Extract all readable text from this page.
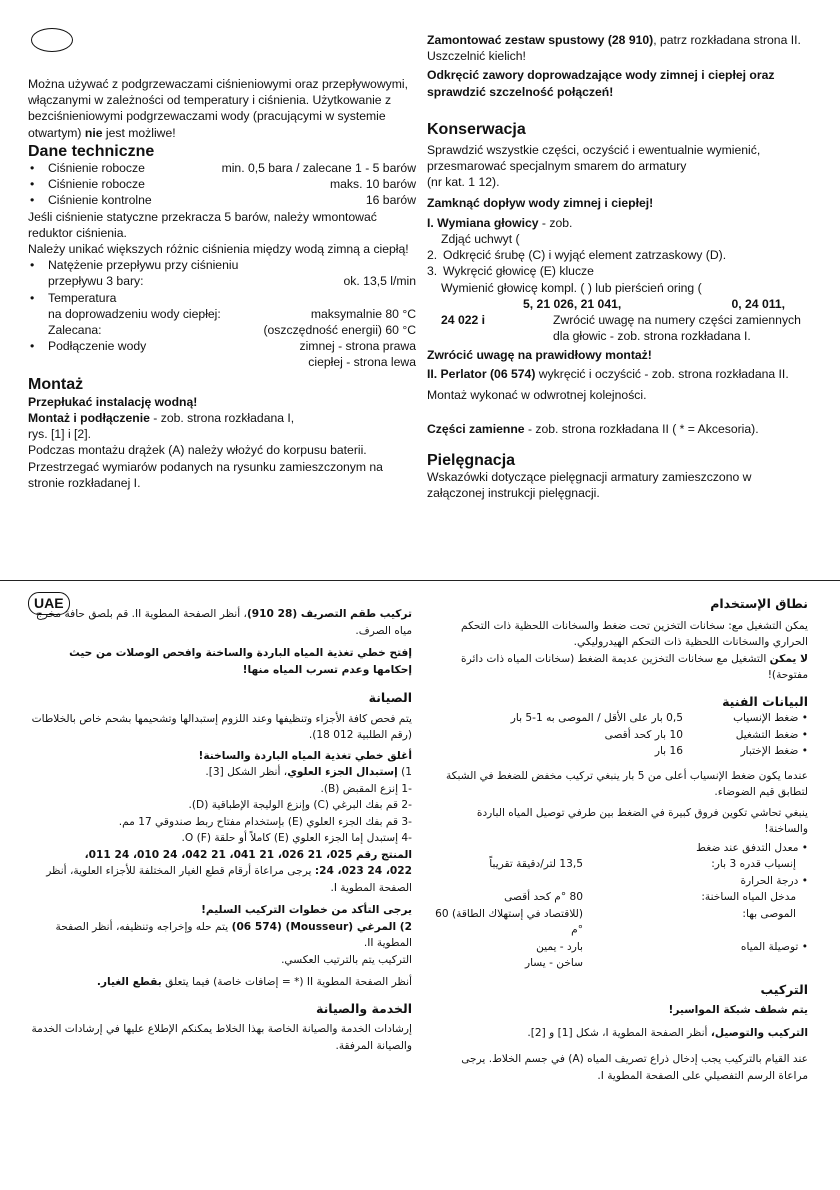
Można używać z podgrzewaczami ciśnieniowymi oraz przepływowymi, włączanymi w zależności od temperatury i ciśnienia. Użytkowanie z bezciśnieniowymi podgrzewaczami wody (pracującymi w systemie otwartym) nie jest możliwe!

Dane techniczne
•	Ciśnienie robocze	min. 0,5 bara / zalecane 1 - 5 barów
•	Ciśnienie robocze	maks. 10 barów
•	Ciśnienie kontrolne	16 barów

Jeśli ciśnienie statyczne przekracza 5 barów, należy wmontować reduktor ciśnienia.

Należy unikać większych różnic ciśnienia między wodą zimną a ciepłą!

•	Natężenie przepływu przy ciśnieniu
przepływu 3 bary:	ok. 13,5 l/min
•	Temperatura
na doprowadzeniu wody ciepłej:	maksymalnie 80 °C
Zalecana:	(oszczędność energii) 60 °C
•	Podłączenie wody	zimnej - strona prawa
ciepłej - strona lewa
Montaż

Przepłukać instalację wodną!

Montaż i podłączenie - zob. strona rozkładana I,
rys. [1] i [2].

Podczas montażu drążek (A) należy włożyć do korpusu baterii. Przestrzegać wymiarów podanych na rysunku zamieszczonym na stronie rozkładanej I.

Zamontować zestaw spustowy (28 910), patrz rozkładana strona II. Uszczelnić kielich!

Odkręcić zawory doprowadzające wody zimnej i ciepłej oraz sprawdzić szczelność połączeń!

Konserwacja

Sprawdzić wszystkie części, oczyścić i ewentualnie wymienić, przesmarować specjalnym smarem do armatury

(nr kat. 1 12).

Zamknąć dopływ wody zimnej i ciepłej!

I. Wymiana głowicy - zob.

Zdjąć uchwyt (

2. Odkręcić śrubę (C) i wyjąć element zatrzaskowy (D).
3. Wykręcić głowicę (E) klucze

Wymienić głowicę kompl. ( ) lub pierścień oring (

5, 21 026, 21 041,	0, 24 011,
24 022 i	Zwrócić uwagę na numery części zamiennych dla głowic - zob. strona rozkładana I.

Zwrócić uwagę na prawidłowy montaż!

II. Perlator (06 574) wykręcić i oczyścić - zob. strona rozkładana II.

Montaż wykonać w odwrotnej kolejności.

Części zamienne - zob. strona rozkładana II ( * = Akcesoria).

Pielęgnacja

Wskazówki dotyczące pielęgnacji armatury zamieszczono w załączonej instrukcji pielęgnacji.

UAE	نطاق الإستخدام

يمكن التشغيل مع: سخانات التخزين تحت ضغط والسخانات اللحظية ذات التحكم الحراري والسخانات اللحظية ذات التحكم الهيدروليكي.

لا يمكن التشغيل مع سخانات التخزين عديمة الضغط (سخانات المياه ذات دائرة مفتوحة)!

البيانات الفنية
• ضغط الإنسياب
0,5 بار على الأقل / الموصى به 1-5 بار
• ضغط التشغيل
10 بار كحد أقصى
• ضغط الإختبار
16 بار

عندما يكون ضغط الإنسياب أعلى من 5 بار ينبغي تركيب مخفض للضغط في الشبكة لتطابق قيم الضوضاء.

ينبغي تحاشي تكوين فروق كبيرة في الضغط بين طرفي توصيل المياه الباردة والساخنة!

• معدل التدفق عند ضغط
إنسياب قدره 3 بار:
13,5 لتر/دقيقة تقريباً
• درجة الحرارة
مدخل المياه الساخنة:
80 °م كحد أقصى
الموصى بها:
(للاقتصاد في إستهلاك الطاقة) 60 °م
• توصيلة المياه
بارد - يمين
ساخن - يسار
التركيب

يتم شطف شبكة المواسير!

التركيب والتوصيل، أنظر الصفحة المطوية I، شكل [1] و [2].

عند القيام بالتركيب يجب إدخال ذراع تصريف المياه (A) في جسم الخلاط. يرجى مراعاة الرسم التفصيلي على الصفحة المطوية I.

تركيب طقم التصريف (28 910)، أنظر الصفحة المطوية II. قم بلصق حافة مخرج مياه الصرف.

إفتح خطي تغذية المياه الباردة والساخنة وافحص الوصلات من حيث إحكامها وعدم تسرب المياه منها!

الصيانة

يتم فحص كافة الأجزاء وتنظيفها وعند اللزوم إستبدالها وتشحيمها بشحم خاص بالخلاطات (رقم الطلبية 012 18).

أغلق خطي تغذية المياه الباردة والساخنة!

1) إستبدال الجزء العلوي، أنظر الشكل [3].

-1 إنزع المقبض (B).

-2 قم بفك البرغي (C) وإنزع الوليجة الإطباقية (D).

-3 قم بفك الجزء العلوي (E) بإستخدام مفتاح ربط صندوقي 17 مم.

-4 إستبدل إما الجزء العلوي (E) كاملاً أو حلقة O (F).

المنتج رقم 025، 21 026، 21 041، 21 042، 24 010، 24 011،

022، 24 023، 24: يرجى مراعاة أرقام قطع الغيار المختلفة للأجزاء العلوية، أنظر الصفحة المطوية I.

يرجى التأكد من خطوات التركيب السليم!

2) المرغي (Mousseur) (06 574) يتم حله وإخراجه وتنظيفه، أنظر الصفحة المطوية II.

التركيب يتم بالترتيب العكسي.

أنظر الصفحة المطوية II (* = إضافات خاصة) فيما يتعلق بقطع الغيار.

الخدمة والصيانة

إرشادات الخدمة والصيانة الخاصة بهذا الخلاط يمكنكم الإطلاع عليها في إرشادات الخدمة والصيانة المرفقة.
